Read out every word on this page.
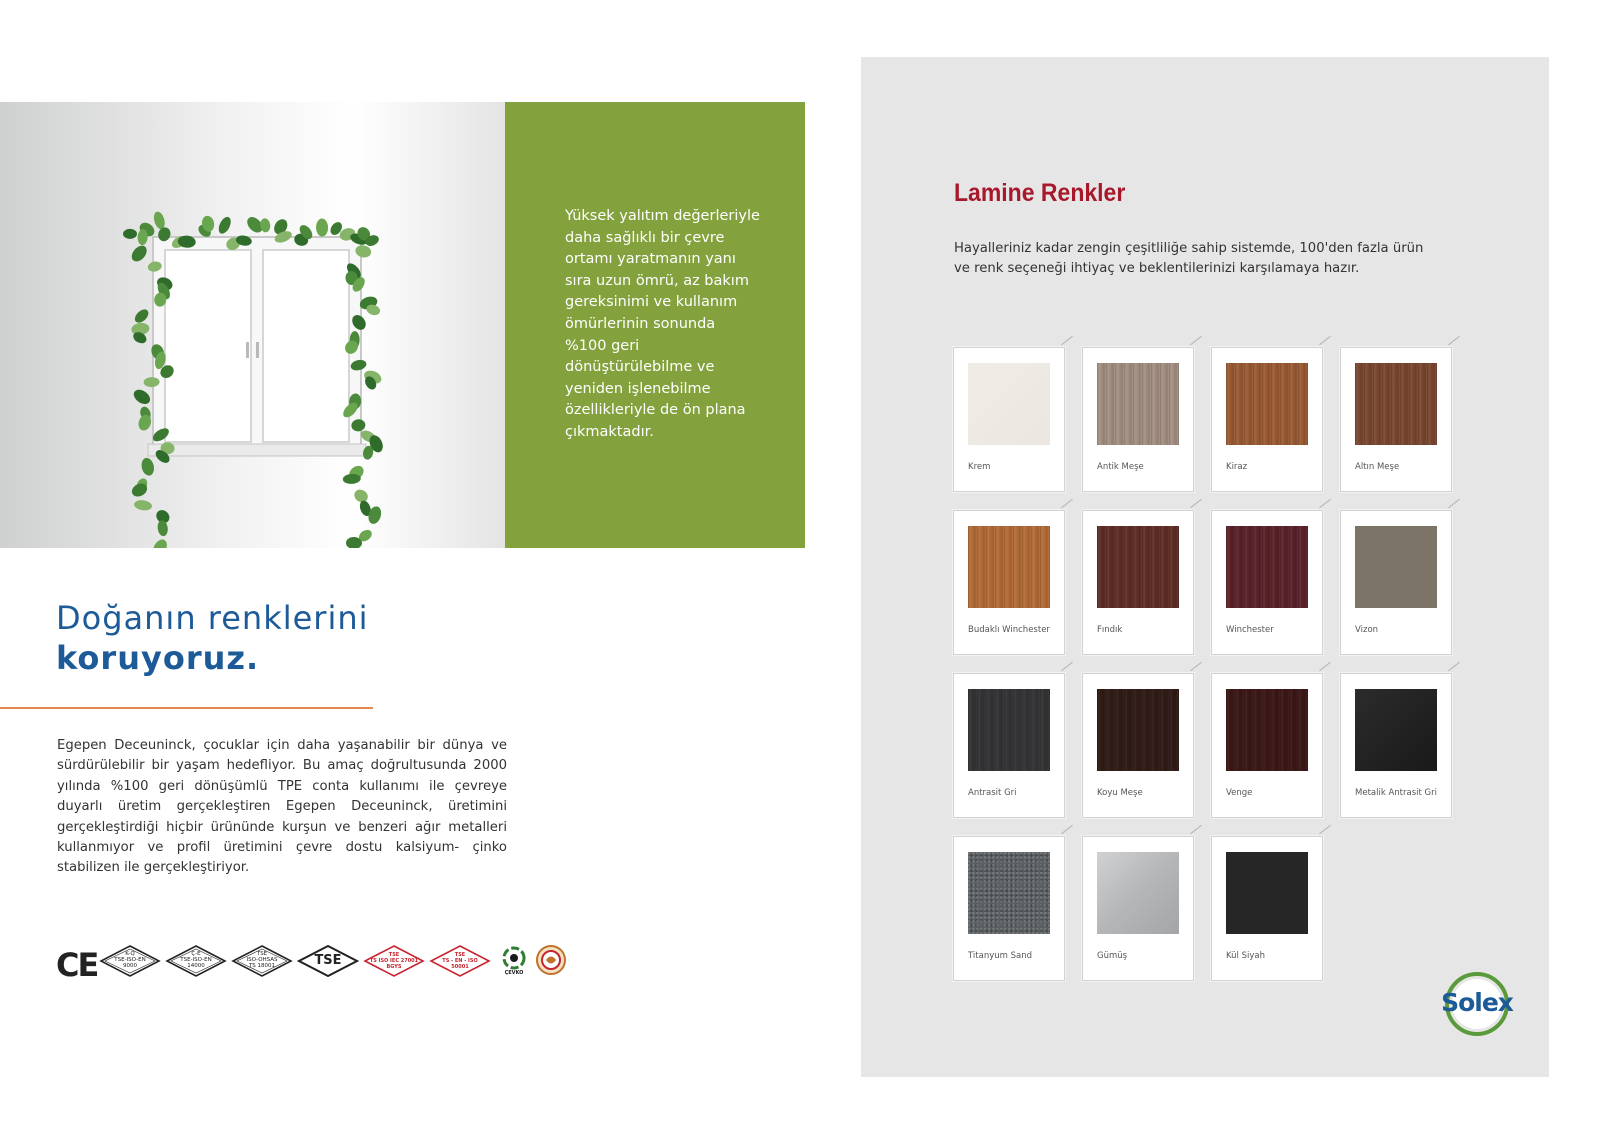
Yüksek yalıtım değerleriyle
daha sağlıklı bir çevre
ortamı yaratmanın yanı
sıra uzun ömrü, az bakım
gereksinimi ve kullanım
ömürlerinin sonunda
%100 geri
dönüştürülebilme ve
yeniden işlenebilme
özellikleriyle de ön plana
çıkmaktadır.
Doğanın renklerini
koruyoruz.

Egepen Deceuninck, çocuklar için daha yaşanabilir bir dünya ve sürdürülebilir bir yaşam hedefliyor. Bu amaç doğrultusunda 2000 yılında %100 geri dönüşümlü TPE conta kullanımı ile çevreye duyarlı üretim gerçekleştiren Egepen Deceuninck, üretimini gerçekleştirdiği hiçbir ürününde kurşun ve benzeri ağır metalleri kullanmıyor ve profil üretimini çevre dostu kalsiyum- çinko stabilizen ile gerçekleştiriyor.

CE	K-Q
TSE-ISO-EN
9000
Ç-E
TSE-ISO-EN
14000
TSE
ISO-OHSAS
TS 18001	TSE	TSE
TS ISO IEC 27001
BGYS
TSE
TS - EN - ISO
50001
ÇEVKO
Lamine Renkler
Hayalleriniz kadar zengin çeşitliliğe sahip sistemde, 100'den fazla ürün
ve renk seçeneği ihtiyaç ve beklentilerinizi karşılamaya hazır.
Krem	Antik Meşe	Kiraz	Altın Meşe
Budaklı Winchester	Fındık	Winchester	Vizon
Antrasit Gri	Koyu Meşe	Venge	Metalik Antrasit Gri
Titanyum Sand	Gümüş	Kül Siyah
Solex
